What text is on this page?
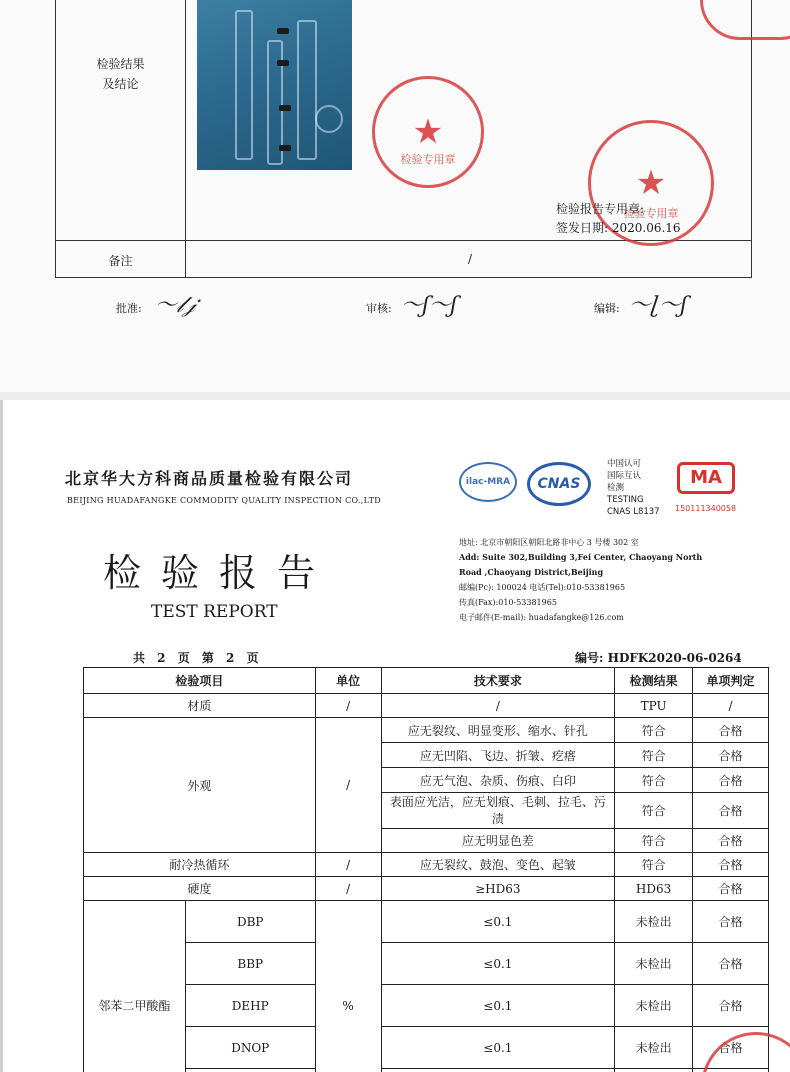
检验结果
及结论
备注	/
★
检验专用章
★
检验专用章
检验报告专用章:
签发日期: 2020.06.16
批准: 〜𝓁𝒿	审核: 〜ʃ〜ʃ	编辑: 〜ɭ〜ʃ
北京华大方科商品质量检验有限公司
BEIJING HUADAFANGKE COMMODITY QUALITY INSPECTION CO.,LTD
检验报告
TEST REPORT
ilac-MRA	CNAS
中国认可
国际互认
检测
TESTING
CNAS L8137
MA
150111340058
地址: 北京市朝阳区朝阳北路非中心 3 号楼 302 室
Add: Suite 302,Building 3,Fei Center, Chaoyang North
Road ,Chaoyang District,Beijing
邮编(Pc): 100024 电话(Tel):010-53381965
传真(Fax):010-53381965
电子邮件(E-mail): huadafangke@126.com
共 2 页 第 2 页	编号: HDFK2020-06-0264
检验项目		单位	技术要求	检测结果	单项判定
材质		/	/	TPU	/
外观		/	应无裂纹、明显变形、缩水、针孔	符合	合格
			应无凹陷、飞边、折皱、疙瘩	符合	合格
			应无气泡、杂质、伤痕、白印	符合	合格
			表面应光洁，应无划痕、毛刺、拉毛、污渍	符合	合格
			应无明显色差	符合	合格
耐冷热循环		/	应无裂纹、鼓泡、变色、起皱	符合	合格
硬度		/	≥HD63	HD63	合格
邻苯二甲酸酯	DBP	%	≤0.1	未检出	合格
	BBP		≤0.1	未检出	合格
	DEHP		≤0.1	未检出	合格
	DNOP		≤0.1	未检出	合格
